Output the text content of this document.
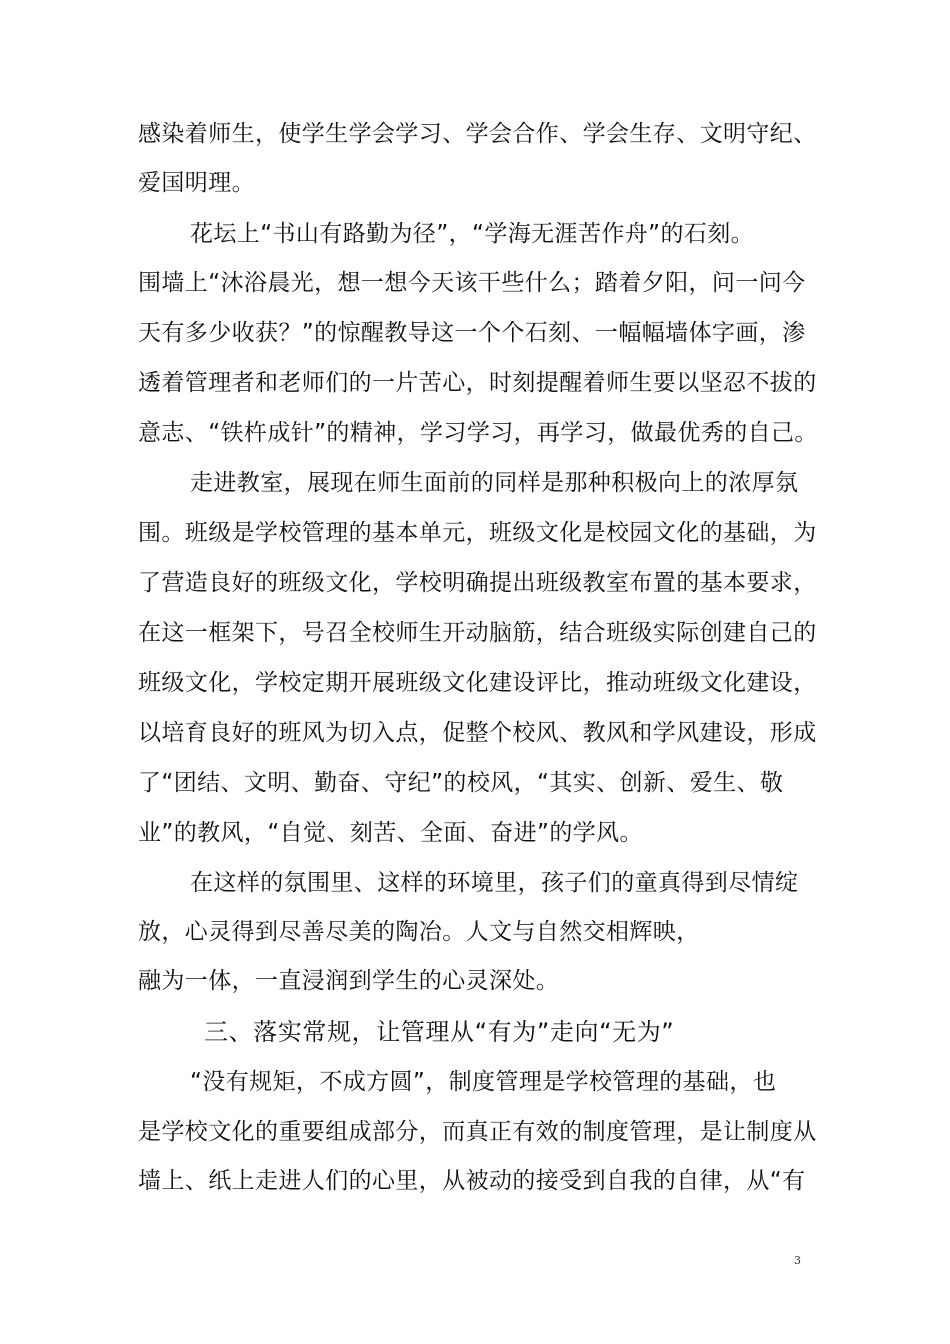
感染着师生，使学生学会学习、学会合作、学会生存、文明守纪、
爱国明理。
花坛上“书山有路勤为径”，“学海无涯苦作舟”的石刻。
围墙上“沐浴晨光，想一想今天该干些什么；踏着夕阳，问一问今
天有多少收获？”的惊醒教导这一个个石刻、一幅幅墙体字画，渗
透着管理者和老师们的一片苦心，时刻提醒着师生要以坚忍不拔的
意志、“铁杵成针”的精神，学习学习，再学习，做最优秀的自己。
走进教室，展现在师生面前的同样是那种积极向上的浓厚氛
围。班级是学校管理的基本单元，班级文化是校园文化的基础，为
了营造良好的班级文化，学校明确提出班级教室布置的基本要求，
在这一框架下，号召全校师生开动脑筋，结合班级实际创建自己的
班级文化，学校定期开展班级文化建设评比，推动班级文化建设，
以培育良好的班风为切入点，促整个校风、教风和学风建设，形成
了“团结、文明、勤奋、守纪”的校风，“其实、创新、爱生、敬
业”的教风，“自觉、刻苦、全面、奋进”的学风。
在这样的氛围里、这样的环境里，孩子们的童真得到尽情绽
放，心灵得到尽善尽美的陶冶。人文与自然交相辉映，
融为一体，一直浸润到学生的心灵深处。
三、落实常规，让管理从“有为”走向“无为”
“没有规矩，不成方圆”，制度管理是学校管理的基础，也
是学校文化的重要组成部分，而真正有效的制度管理，是让制度从
墙上、纸上走进人们的心里，从被动的接受到自我的自律，从“有
3
